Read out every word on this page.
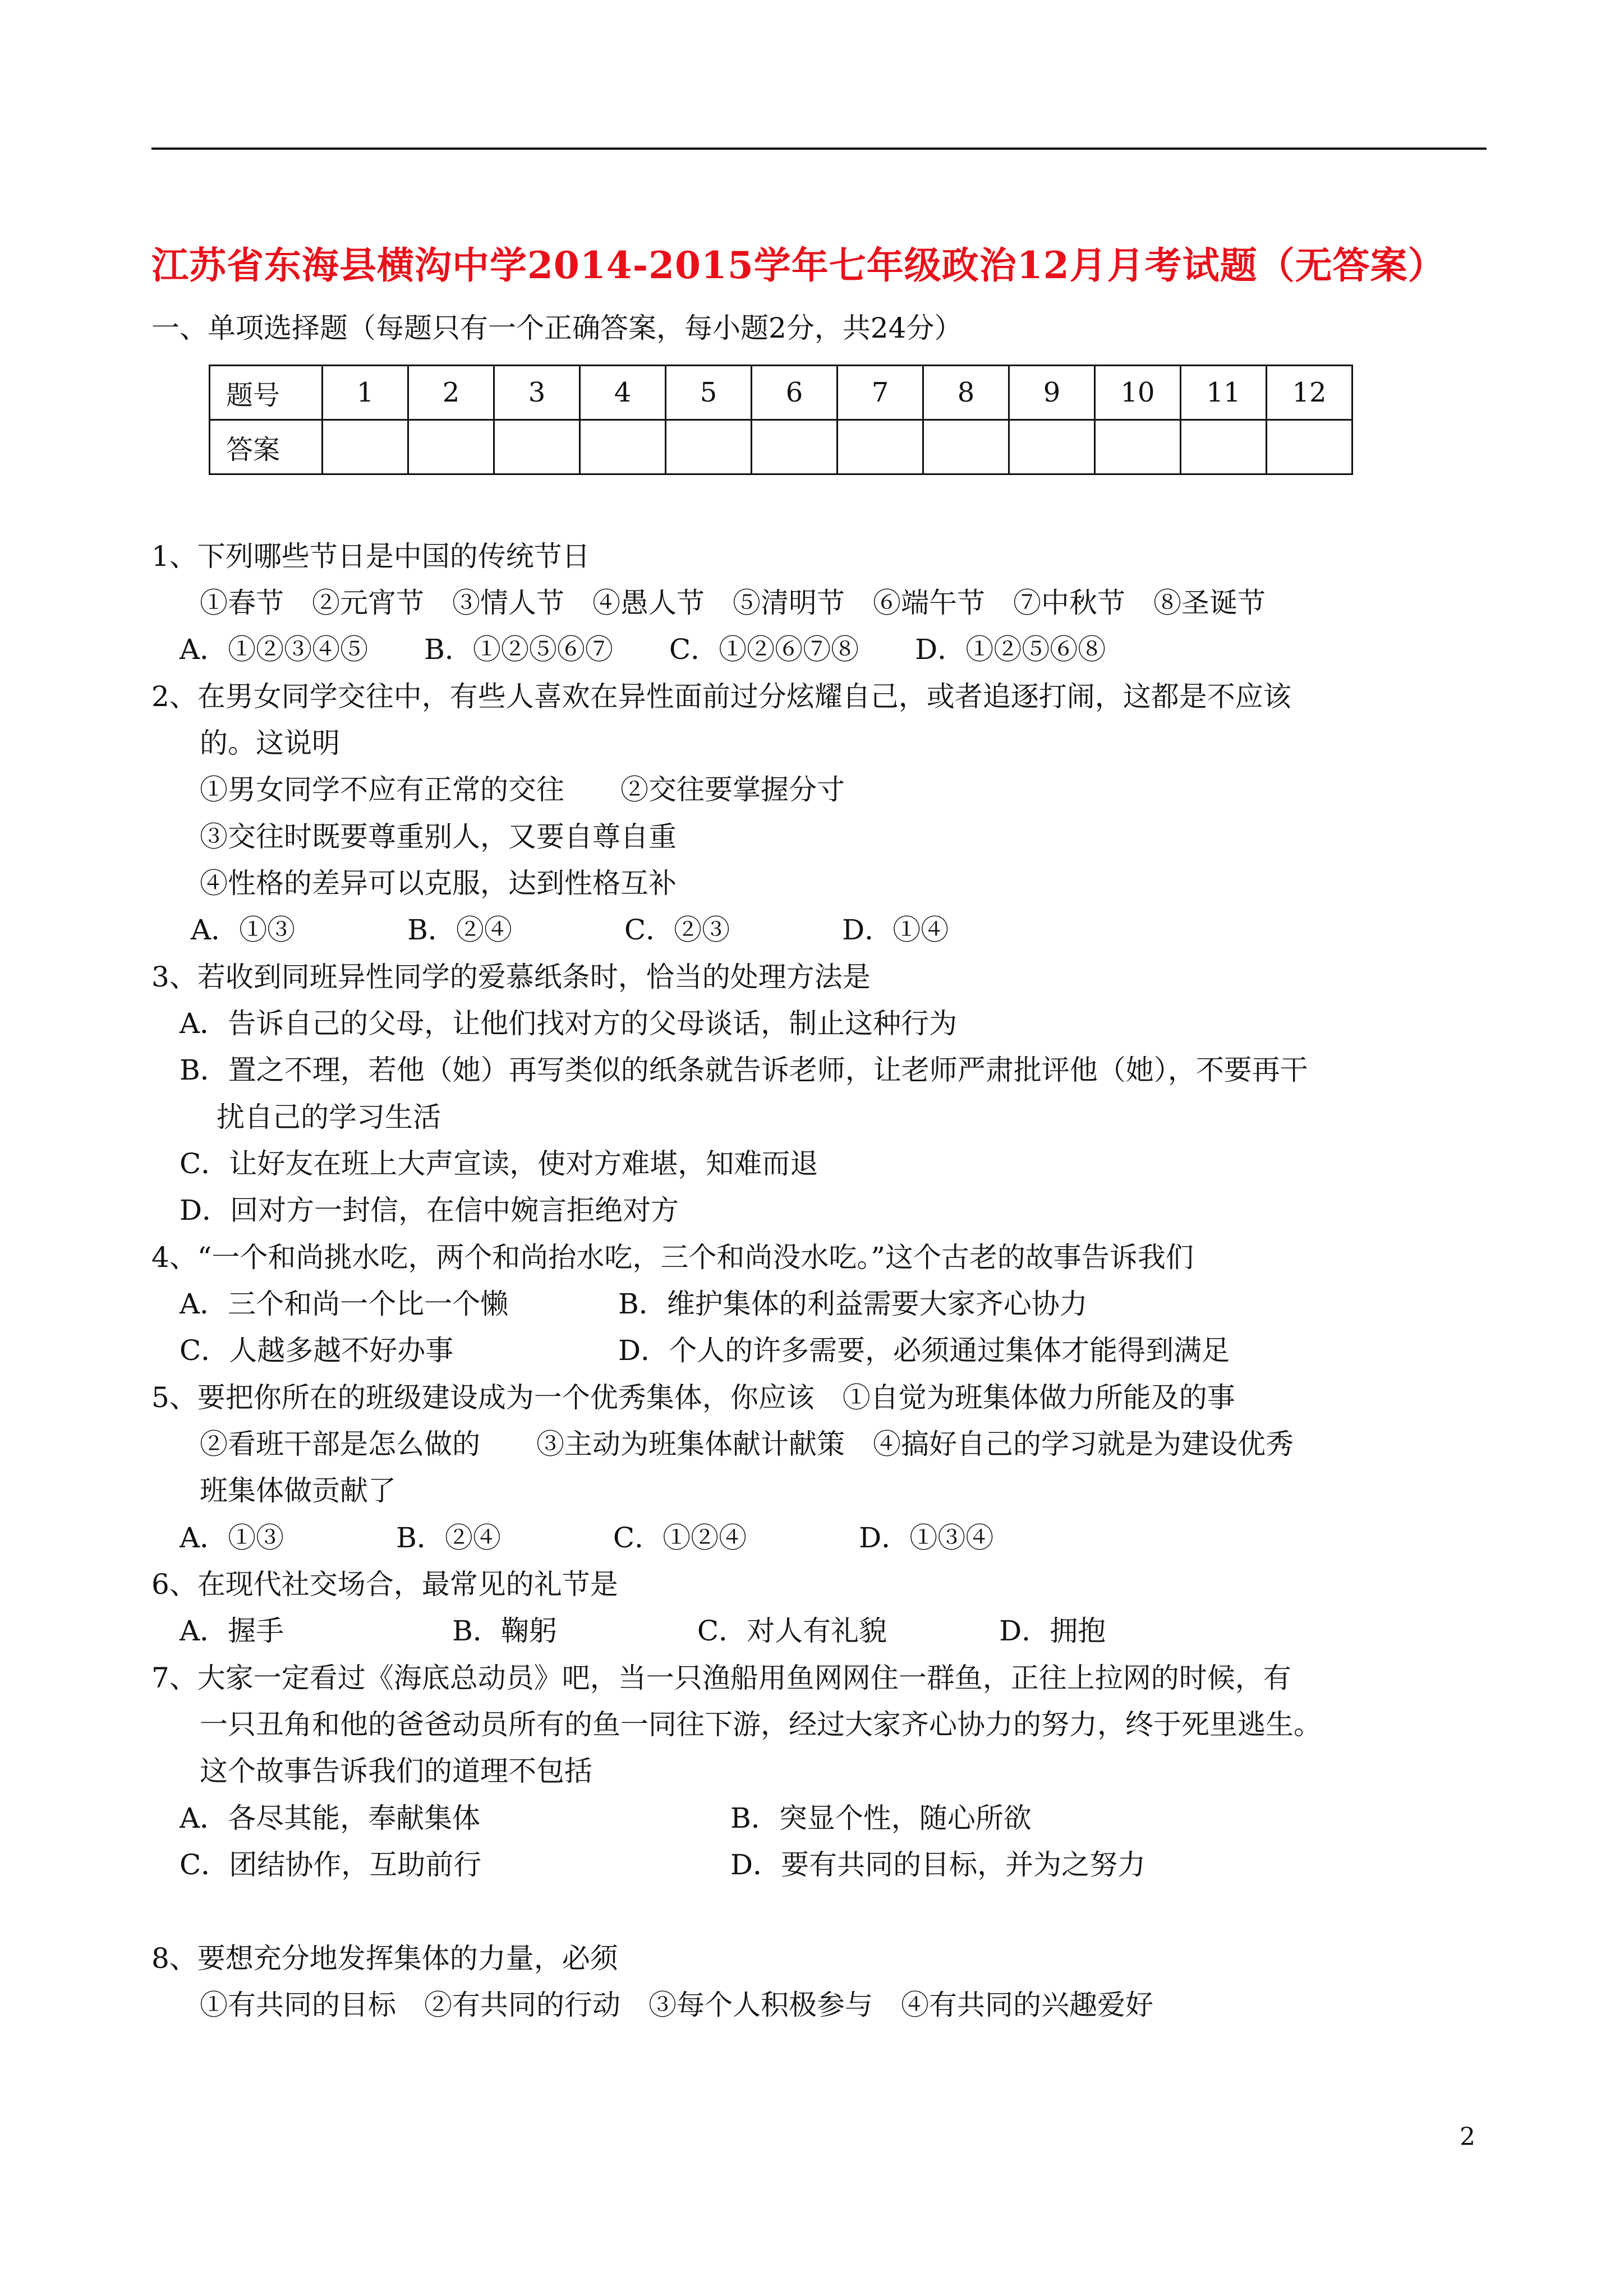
江苏省东海县横沟中学2014-2015学年七年级政治12月月考试题（无答案）
一、单项选择题（每题只有一个正确答案，每小题2分，共24分）
题号	1	2	3	4	5	6	7	8	9	10	11	12
答案												
1、下列哪些节日是中国的传统节日
①春节　②元宵节　③情人节　④愚人节　⑤清明节　⑥端午节　⑦中秋节　⑧圣诞节
A．①②③④⑤　　B．①②⑤⑥⑦　　C．①②⑥⑦⑧　　D．①②⑤⑥⑧
2、在男女同学交往中，有些人喜欢在异性面前过分炫耀自己，或者追逐打闹，这都是不应该
的。这说明
①男女同学不应有正常的交往　　②交往要掌握分寸
③交往时既要尊重别人，又要自尊自重
④性格的差异可以克服，达到性格互补
A．①③　　　　B．②④　　　　C．②③　　　　D．①④
3、若收到同班异性同学的爱慕纸条时，恰当的处理方法是
A．告诉自己的父母，让他们找对方的父母谈话，制止这种行为
B．置之不理，若他（她）再写类似的纸条就告诉老师，让老师严肃批评他（她），不要再干
扰自己的学习生活
C．让好友在班上大声宣读，使对方难堪，知难而退
D．回对方一封信，在信中婉言拒绝对方
4、“一个和尚挑水吃，两个和尚抬水吃，三个和尚没水吃。”这个古老的故事告诉我们
A．三个和尚一个比一个懒	B．维护集体的利益需要大家齐心协力
C．人越多越不好办事	D．个人的许多需要，必须通过集体才能得到满足
5、要把你所在的班级建设成为一个优秀集体，你应该　①自觉为班集体做力所能及的事
②看班干部是怎么做的　　③主动为班集体献计献策　④搞好自己的学习就是为建设优秀
班集体做贡献了
A．①③　　　　B．②④　　　　C．①②④　　　　D．①③④
6、在现代社交场合，最常见的礼节是
A．握手　　　　　　B．鞠躬　　　　　C．对人有礼貌　　　　D．拥抱
7、大家一定看过《海底总动员》吧，当一只渔船用鱼网网住一群鱼，正往上拉网的时候，有
一只丑角和他的爸爸动员所有的鱼一同往下游，经过大家齐心协力的努力，终于死里逃生。
这个故事告诉我们的道理不包括
A．各尽其能，奉献集体	B．突显个性，随心所欲
C．团结协作，互助前行	D．要有共同的目标，并为之努力
8、要想充分地发挥集体的力量，必须
①有共同的目标　②有共同的行动　③每个人积极参与　④有共同的兴趣爱好
2
